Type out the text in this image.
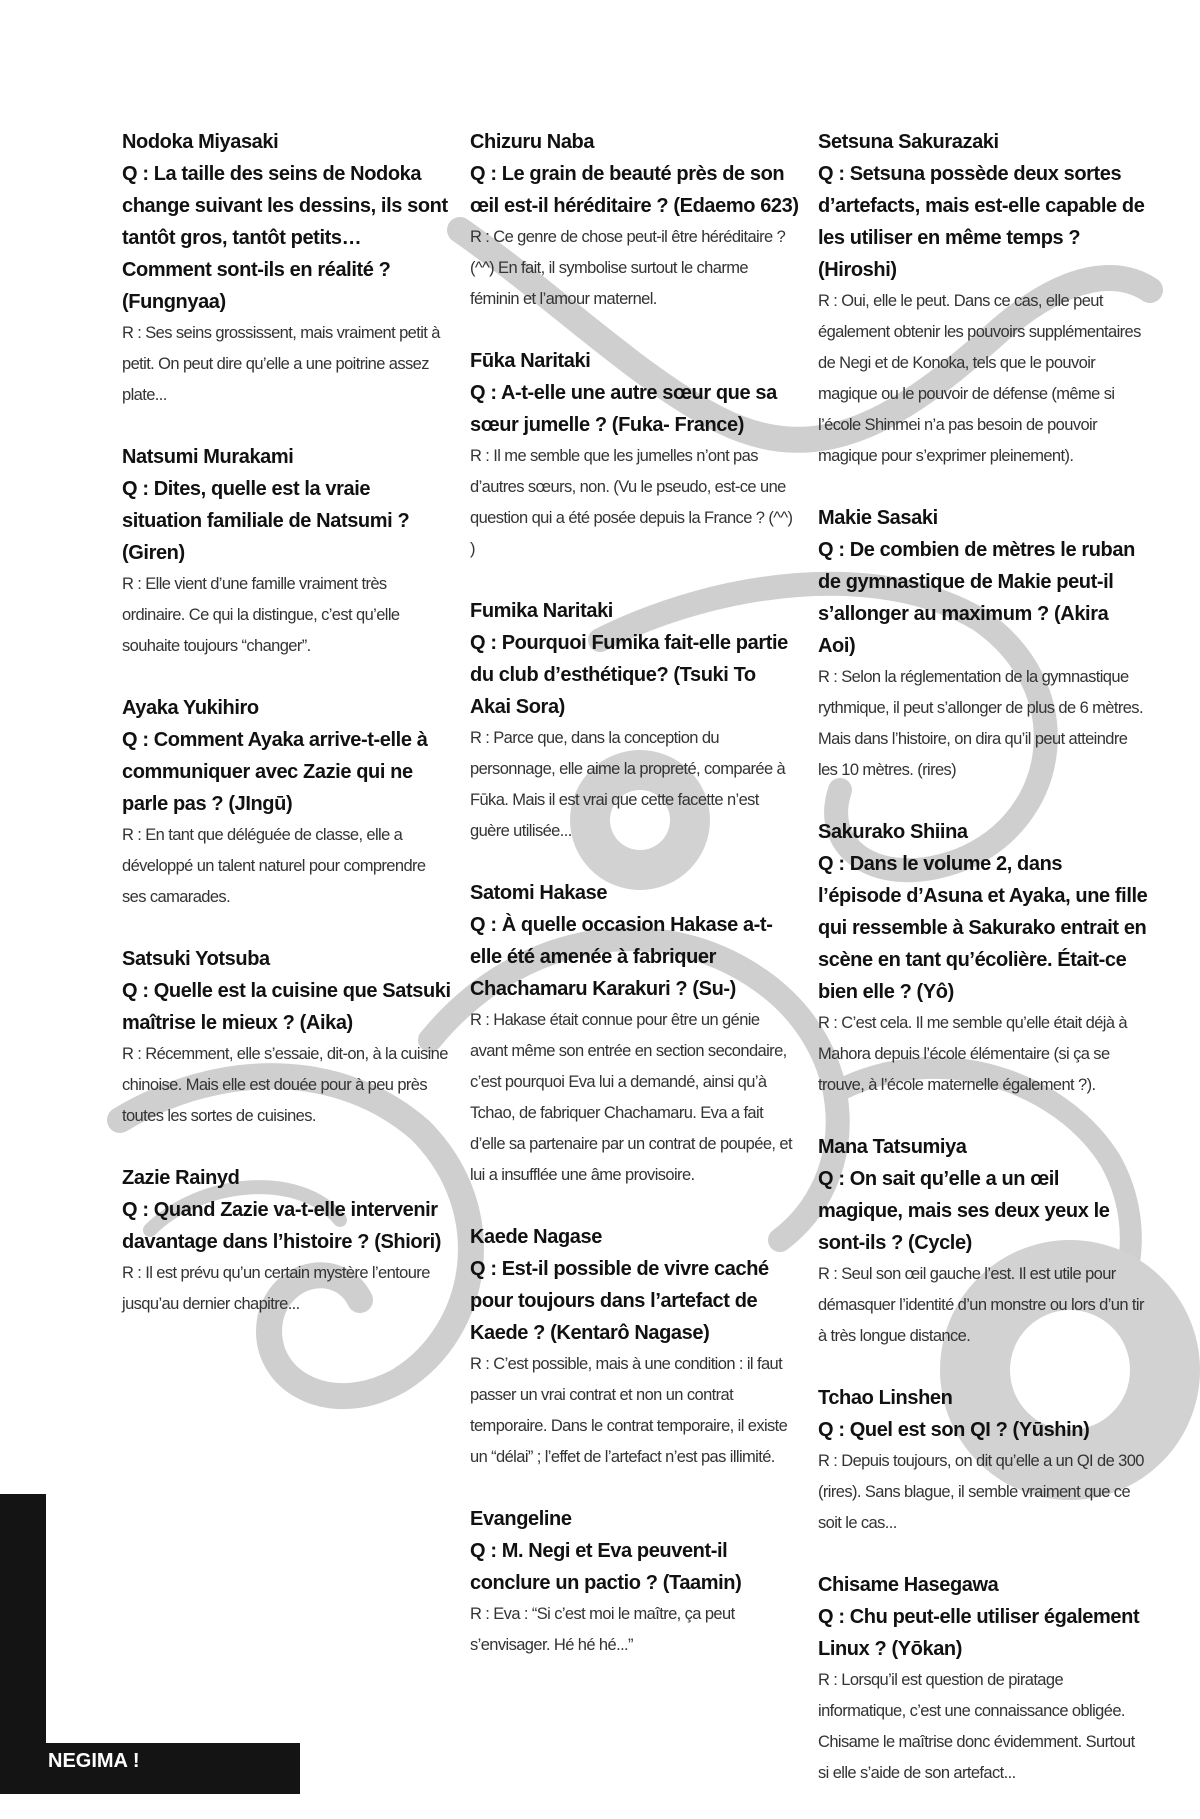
Nodoka Miyasaki
Q : La taille des seins de Nodoka change suivant les dessins, ils sont tantôt gros, tantôt petits… Comment sont-ils en réalité ? (Fungnyaa)
R : Ses seins grossissent, mais vraiment petit à petit. On peut dire qu’elle a une poitrine assez plate...
Natsumi Murakami
Q : Dites, quelle est la vraie situation familiale de Natsumi ? (Giren)
R : Elle vient d’une famille vraiment très ordinaire. Ce qui la distingue, c’est qu’elle souhaite toujours “changer”.
Ayaka Yukihiro
Q : Comment Ayaka arrive-t-elle à communiquer avec Zazie qui ne parle pas ? (JIngū)
R : En tant que déléguée de classe, elle a développé un talent naturel pour comprendre ses camarades.
Satsuki Yotsuba
Q : Quelle est la cuisine que Satsuki maîtrise le mieux ? (Aika)
R : Récemment, elle s’essaie, dit-on, à la cuisine chinoise. Mais elle est douée pour à peu près toutes les sortes de cuisines.
Zazie Rainyd
Q : Quand Zazie va-t-elle intervenir davantage dans l’histoire ? (Shiori)
R : Il est prévu qu’un certain mystère l’entoure jusqu’au dernier chapitre...
Chizuru Naba
Q : Le grain de beauté près de son œil est-il héréditaire ? (Edaemo 623)
R : Ce genre de chose peut-il être héréditaire ? (^^) En fait, il symbolise surtout le charme féminin et l’amour maternel.
Fūka Naritaki
Q : A-t-elle une autre sœur que sa sœur jumelle ? (Fuka- France)
R : Il me semble que les jumelles n’ont pas d’autres sœurs, non. (Vu le pseudo, est-ce une question qui a été posée depuis la France ? (^^) )
Fumika Naritaki
Q : Pourquoi Fumika fait-elle partie du club d’esthétique? (Tsuki To Akai Sora)
R : Parce que, dans la conception du personnage, elle aime la propreté, comparée à Fūka. Mais il est vrai que cette facette n’est guère utilisée...
Satomi Hakase
Q : À quelle occasion Hakase a-t-elle été amenée à fabriquer Chachamaru Karakuri ? (Su-)
R : Hakase était connue pour être un génie avant même son entrée en section secondaire, c’est pourquoi Eva lui a demandé, ainsi qu’à Tchao, de fabriquer Chachamaru. Eva a fait d’elle sa partenaire par un contrat de poupée, et lui a insufflée une âme provisoire.
Kaede Nagase
Q : Est-il possible de vivre caché pour toujours dans l’artefact de Kaede ? (Kentarô Nagase)
R : C’est possible, mais à une condition : il faut passer un vrai contrat et non un contrat temporaire. Dans le contrat temporaire, il existe un “délai” ; l’effet de l’artefact n’est pas illimité.
Evangeline
Q : M. Negi et Eva peuvent-il conclure un pactio ? (Taamin)
R : Eva : “Si c’est moi le maître, ça peut s’envisager. Hé hé hé...”
Setsuna Sakurazaki
Q : Setsuna possède deux sortes d’artefacts, mais est-elle capable de les utiliser en même temps ? (Hiroshi)
R : Oui, elle le peut. Dans ce cas, elle peut également obtenir les pouvoirs supplémentaires de Negi et de Konoka, tels que le pouvoir magique ou le pouvoir de défense (même si l’école Shinmei n’a pas besoin de pouvoir magique pour s’exprimer pleinement).
Makie Sasaki
Q : De combien de mètres le ruban de gymnastique de Makie peut-il s’allonger au maximum ? (Akira Aoi)
R : Selon la réglementation de la gymnastique rythmique, il peut s’allonger de plus de 6 mètres. Mais dans l’histoire, on dira qu’il peut atteindre les 10 mètres. (rires)
Sakurako Shiina
Q : Dans le volume 2, dans l’épisode d’Asuna et Ayaka, une fille qui ressemble à Sakurako entrait en scène en tant qu’écolière. Était-ce bien elle ? (Yô)
R : C’est cela. Il me semble qu’elle était déjà à Mahora depuis l’école élémentaire (si ça se trouve, à l’école maternelle également ?).
Mana Tatsumiya
Q : On sait qu’elle a un œil magique, mais ses deux yeux le sont-ils ? (Cycle)
R : Seul son œil gauche l’est. Il est utile pour démasquer l’identité d’un monstre ou lors d’un tir à très longue distance.
Tchao Linshen
Q : Quel est son QI ? (Yūshin)
R : Depuis toujours, on dit qu’elle a un QI de 300 (rires). Sans blague, il semble vraiment que ce soit le cas...
Chisame Hasegawa
Q : Chu peut-elle utiliser également Linux ? (Yōkan)
R : Lorsqu’il est question de piratage informatique, c’est une connaissance obligée. Chisame le maîtrise donc évidemment. Surtout si elle s’aide de son artefact...
NEGIMA !
